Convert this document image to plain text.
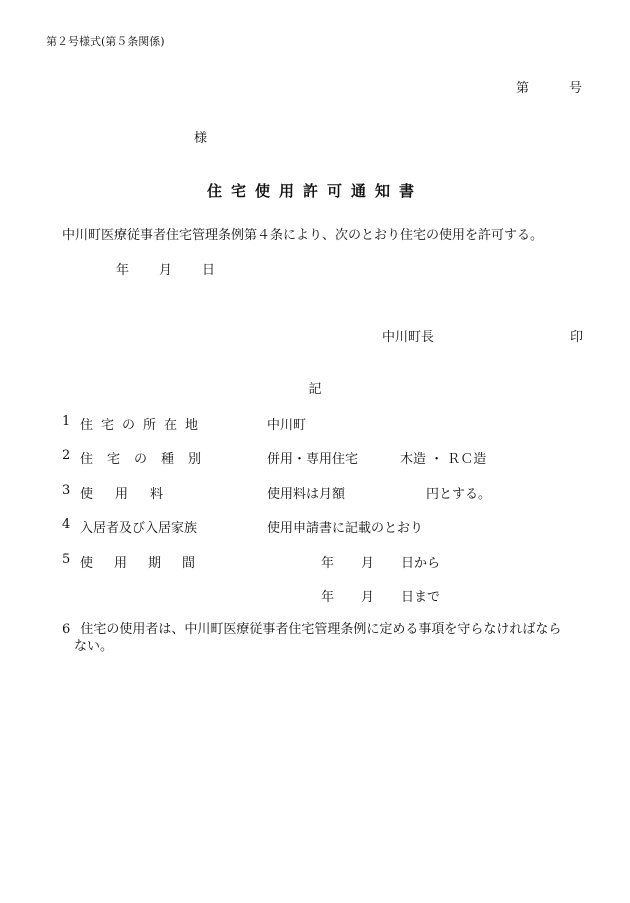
第２号様式(第５条関係)
第	号
様
住宅使用許可通知書
中川町医療従事者住宅管理条例第４条により、次のとおり住宅の使用を許可する。
年 月 日
中川町長	印
記
1 住宅の所在地	中川町
2 住宅の種別	併用・専用住宅	木造 ・ ＲＣ造
3 使用料	使用料は月額	円とする。
4 入居者及び入居家族	使用申請書に記載のとおり
5 使用期間	年 月 日から
年 月 日まで
6 住宅の使用者は、中川町医療従事者住宅管理条例に定める事項を守らなければなら
ない。
